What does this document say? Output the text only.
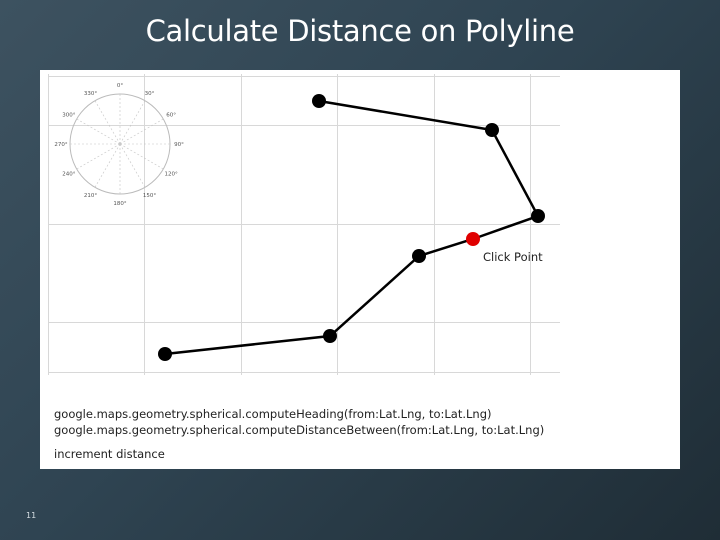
Calculate Distance on Polyline
0°
30°
60°
90°
120°
150°
180°
210°
240°
270°
300°
330°
Click Point
google.maps.geometry.spherical.computeHeading(from:Lat.Lng, to:Lat.Lng)
google.maps.geometry.spherical.computeDistanceBetween(from:Lat.Lng, to:Lat.Lng)
increment distance
11
